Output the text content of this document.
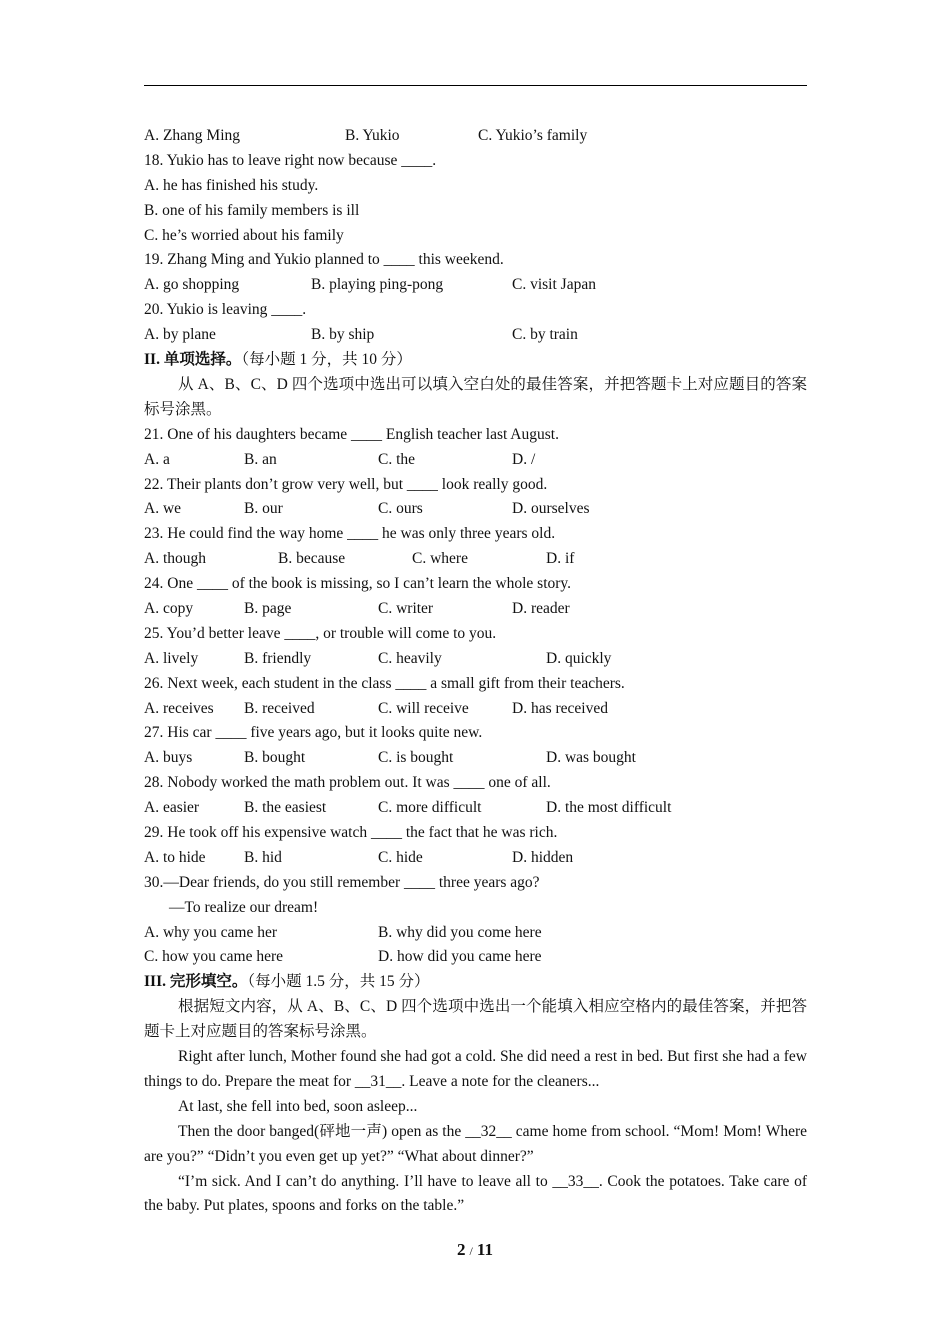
A. Zhang Ming	B. Yukio	C. Yukio’s family
18. Yukio has to leave right now because ____.
A. he has finished his study.
B. one of his family members is ill
C. he’s worried about his family
19. Zhang Ming and Yukio planned to ____ this weekend.
A. go shopping	B. playing ping-pong	C. visit Japan
20. Yukio is leaving ____.
A. by plane	B. by ship	C. by train
II. 单项选择。（每小题 1 分，共 10 分）
从 A、B、C、D 四个选项中选出可以填入空白处的最佳答案，并把答题卡上对应题目的答案标号涂黑。
21. One of his daughters became ____ English teacher last August.
A. a	B. an	C. the	D. /
22. Their plants don’t grow very well, but ____ look really good.
A. we	B. our	C. ours	D. ourselves
23. He could find the way home ____ he was only three years old.
A. though	B. because	C. where	D. if
24. One ____ of the book is missing, so I can’t learn the whole story.
A. copy	B. page	C. writer	D. reader
25. You’d better leave ____, or trouble will come to you.
A. lively	B. friendly	C. heavily	D. quickly
26. Next week, each student in the class ____ a small gift from their teachers.
A. receives B. received	C. will receive	D. has received
27. His car ____ five years ago, but it looks quite new.
A. buys	B. bought	C. is bought	D. was bought
28. Nobody worked the math problem out. It was ____ one of all.
A. easier	B. the easiest	C. more difficult	D. the most difficult
29. He took off his expensive watch ____ the fact that he was rich.
A. to hide B. hid	C. hide	D. hidden
30.—Dear friends, do you still remember ____ three years ago?
—To realize our dream!
A. why you came her	B. why did you come here
C. how you came here	D. how did you came here
III. 完形填空。（每小题 1.5 分，共 15 分）
根据短文内容，从 A、B、C、D 四个选项中选出一个能填入相应空格内的最佳答案，并把答题卡上对应题目的答案标号涂黑。
Right after lunch, Mother found she had got a cold. She did need a rest in bed. But first she had a few things to do. Prepare the meat for __31__. Leave a note for the cleaners...
At last, she fell into bed, soon asleep...
Then the door banged(砰地一声) open as the __32__ came home from school. “Mom! Mom! Where are you?” “Didn’t you even get up yet?” “What about dinner?”
“I’m sick. And I can’t do anything. I’ll have to leave all to __33__. Cook the potatoes. Take care of the baby. Put plates, spoons and forks on the table.”
2 / 11
